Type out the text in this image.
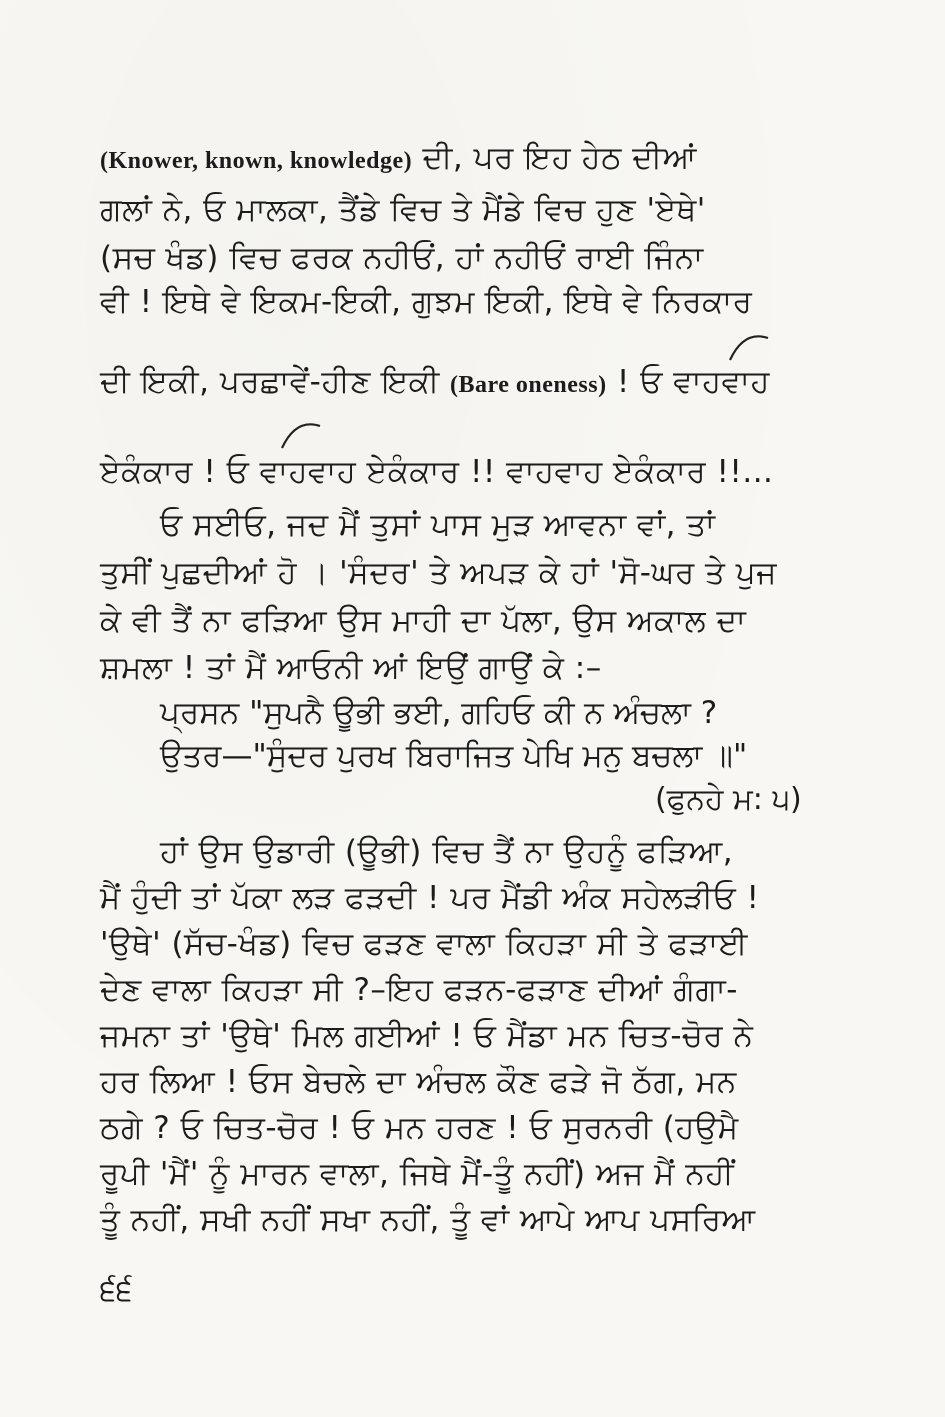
(Knower, known, knowledge) ਦੀ, ਪਰ ਇਹ ਹੇਠ ਦੀਆਂ
ਗਲਾਂ ਨੇ, ਓ ਮਾਲਕਾ, ਤੈਂਡੇ ਵਿਚ ਤੇ ਮੈਂਡੇ ਵਿਚ ਹੁਣ 'ਏਥੇ'
(ਸਚ ਖੰਡ) ਵਿਚ ਫਰਕ ਨਹੀਓਂ, ਹਾਂ ਨਹੀਓਂ ਰਾਈ ਜਿੰਨਾ
ਵੀ ! ਇਥੇ ਵੇ ਇਕਮ-ਇਕੀ, ਗੁਝਮ ਇਕੀ, ਇਥੇ ਵੇ ਨਿਰਕਾਰ
ਦੀ ਇਕੀ, ਪਰਛਾਵੇਂ-ਹੀਣ ਇਕੀ (Bare oneness) ! ਓ ਵਾਹਵਾਹ
ਏਕੰਕਾਰ ! ਓ ਵਾਹਵਾਹ ਏਕੰਕਾਰ !! ਵਾਹਵਾਹ ਏਕੰਕਾਰ !!...
ਓ ਸਈਓ, ਜਦ ਮੈਂ ਤੁਸਾਂ ਪਾਸ ਮੁੜ ਆਵਨਾ ਵਾਂ, ਤਾਂ
ਤੁਸੀਂ ਪੁਛਦੀਆਂ ਹੋ । 'ਸੰਦਰ' ਤੇ ਅਪੜ ਕੇ ਹਾਂ 'ਸੋ-ਘਰ ਤੇ ਪੁਜ
ਕੇ ਵੀ ਤੈਂ ਨਾ ਫੜਿਆ ਉਸ ਮਾਹੀ ਦਾ ਪੱਲਾ, ਉਸ ਅਕਾਲ ਦਾ
ਸ਼ਮਲਾ ! ਤਾਂ ਮੈਂ ਆਓਨੀ ਆਂ ਇਉਂ ਗਾਉਂ ਕੇ :–
ਪ੍ਰਸਨ "ਸੁਪਨੈ ਊਭੀ ਭਈ, ਗਹਿਓ ਕੀ ਨ ਅੰਚਲਾ ?
ਉਤਰ—"ਸੁੰਦਰ ਪੁਰਖ ਬਿਰਾਜਿਤ ਪੇਖਿ ਮਨੁ ਬਚਲਾ ॥"
(ਫੁਨਹੇ ਮ: ੫)
ਹਾਂ ਉਸ ਉਡਾਰੀ (ਊਭੀ) ਵਿਚ ਤੈਂ ਨਾ ਉਹਨੂੰ ਫੜਿਆ,
ਮੈਂ ਹੁੰਦੀ ਤਾਂ ਪੱਕਾ ਲੜ ਫੜਦੀ ! ਪਰ ਮੈਂਡੀ ਅੰਕ ਸਹੇਲੜੀਓ !
'ਉਥੇ' (ਸੱਚ-ਖੰਡ) ਵਿਚ ਫੜਣ ਵਾਲਾ ਕਿਹੜਾ ਸੀ ਤੇ ਫੜਾਈ
ਦੇਣ ਵਾਲਾ ਕਿਹੜਾ ਸੀ ?–ਇਹ ਫੜਨ-ਫੜਾਣ ਦੀਆਂ ਗੰਗਾ-
ਜਮਨਾ ਤਾਂ 'ਉਥੇ' ਮਿਲ ਗਈਆਂ ! ਓ ਮੈਂਡਾ ਮਨ ਚਿਤ-ਚੋਰ ਨੇ
ਹਰ ਲਿਆ ! ਓਸ ਬੇਚਲੇ ਦਾ ਅੰਚਲ ਕੌਣ ਫੜੇ ਜੋ ਠੱਗ, ਮਨ
ਠਗੇ ? ਓ ਚਿਤ-ਚੋਰ ! ਓ ਮਨ ਹਰਣ ! ਓ ਸੁਰਨਰੀ (ਹਉਮੈ
ਰੂਪੀ 'ਮੈਂ' ਨੂੰ ਮਾਰਨ ਵਾਲਾ, ਜਿਥੇ ਮੈਂ-ਤੂੰ ਨਹੀਂ) ਅਜ ਮੈਂ ਨਹੀਂ
ਤੂੰ ਨਹੀਂ, ਸਖੀ ਨਹੀਂ ਸਖਾ ਨਹੀਂ, ਤੂੰ ਵਾਂ ਆਪੇ ਆਪ ਪਸਰਿਆ
੬੬
